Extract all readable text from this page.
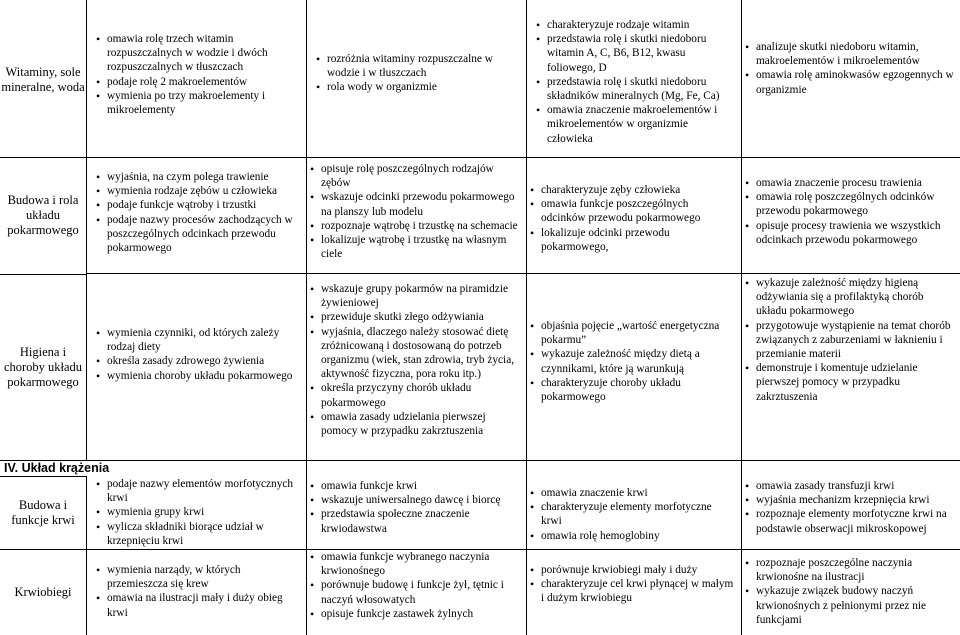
IV. Układ krążenia
Witaminy, sole mineralne, woda
• omawia rolę trzech witamin rozpuszczalnych w wodzie i dwóch rozpuszczalnych w tłuszczach
• podaje rolę 2 makroelementów
• wymienia po trzy makroelementy i mikroelementy
• rozróżnia witaminy rozpuszczalne w wodzie i w tłuszczach
• rola wody w organizmie
• charakteryzuje rodzaje witamin
• przedstawia rolę i skutki niedoboru witamin A, C, B6, B12, kwasu foliowego, D
• przedstawia rolę i skutki niedoboru składników mineralnych (Mg, Fe, Ca)
• omawia znaczenie makroelementów i mikroelementów w organizmie człowieka
• analizuje skutki niedoboru witamin, makroelementów i mikroelementów
• omawia rolę aminokwasów egzogennych w organizmie
Budowa i rola układu pokarmowego
• wyjaśnia, na czym polega trawienie
• wymienia rodzaje zębów u człowieka
• podaje funkcje wątroby i trzustki
• podaje nazwy procesów zachodzących w poszczególnych odcinkach przewodu pokarmowego
• opisuje rolę poszczególnych rodzajów zębów
• wskazuje odcinki przewodu pokarmowego na planszy lub modelu
• rozpoznaje wątrobę i trzustkę na schemacie
• lokalizuje wątrobę i trzustkę na własnym ciele
• charakteryzuje zęby człowieka
• omawia funkcje poszczególnych odcinków przewodu pokarmowego
• lokalizuje odcinki przewodu pokarmowego,
• omawia znaczenie procesu trawienia
• omawia rolę poszczególnych odcinków przewodu pokarmowego
• opisuje procesy trawienia we wszystkich odcinkach przewodu pokarmowego
Higiena i choroby układu pokarmowego
• wymienia czynniki, od których zależy rodzaj diety
• określa zasady zdrowego żywienia
• wymienia choroby układu pokarmowego
• wskazuje grupy pokarmów na piramidzie żywieniowej
• przewiduje skutki złego odżywiania
• wyjaśnia, dlaczego należy stosować dietę zróżnicowaną i dostosowaną do potrzeb organizmu (wiek, stan zdrowia, tryb życia, aktywność fizyczna, pora roku itp.)
• określa przyczyny chorób układu pokarmowego
• omawia zasady udzielania pierwszej pomocy w przypadku zakrztuszenia
• objaśnia pojęcie „wartość energetyczna pokarmu”
• wykazuje zależność między dietą a czynnikami, które ją warunkują
• charakteryzuje choroby układu pokarmowego
• wykazuje zależność między higieną odżywiania się a profilaktyką chorób układu pokarmowego
• przygotowuje wystąpienie na temat chorób związanych z zaburzeniami w łaknieniu i przemianie materii
• demonstruje i komentuje udzielanie pierwszej pomocy w przypadku zakrztuszenia
Budowa i funkcje krwi
• podaje nazwy elementów morfotycznych krwi
• wymienia grupy krwi
• wylicza składniki biorące udział w krzepnięciu krwi
• omawia funkcje krwi
• wskazuje uniwersalnego dawcę i biorcę
• przedstawia społeczne znaczenie krwiodawstwa
• omawia znaczenie krwi
• charakteryzuje elementy morfotyczne krwi
• omawia rolę hemoglobiny
• omawia zasady transfuzji krwi
• wyjaśnia mechanizm krzepnięcia krwi
• rozpoznaje elementy morfotyczne krwi na podstawie obserwacji mikroskopowej
Krwiobiegi
• wymienia narządy, w których przemieszcza się krew
• omawia na ilustracji mały i duży obieg krwi
• omawia funkcje wybranego naczynia krwionośnego
• porównuje budowę i funkcje żył, tętnic i naczyń włosowatych
• opisuje funkcje zastawek żylnych
• porównuje krwiobiegi mały i duży
• charakteryzuje cel krwi płynącej w małym i dużym krwiobiegu
• rozpoznaje poszczególne naczynia krwionośne na ilustracji
• wykazuje związek budowy naczyń krwionośnych z pełnionymi przez nie funkcjami
